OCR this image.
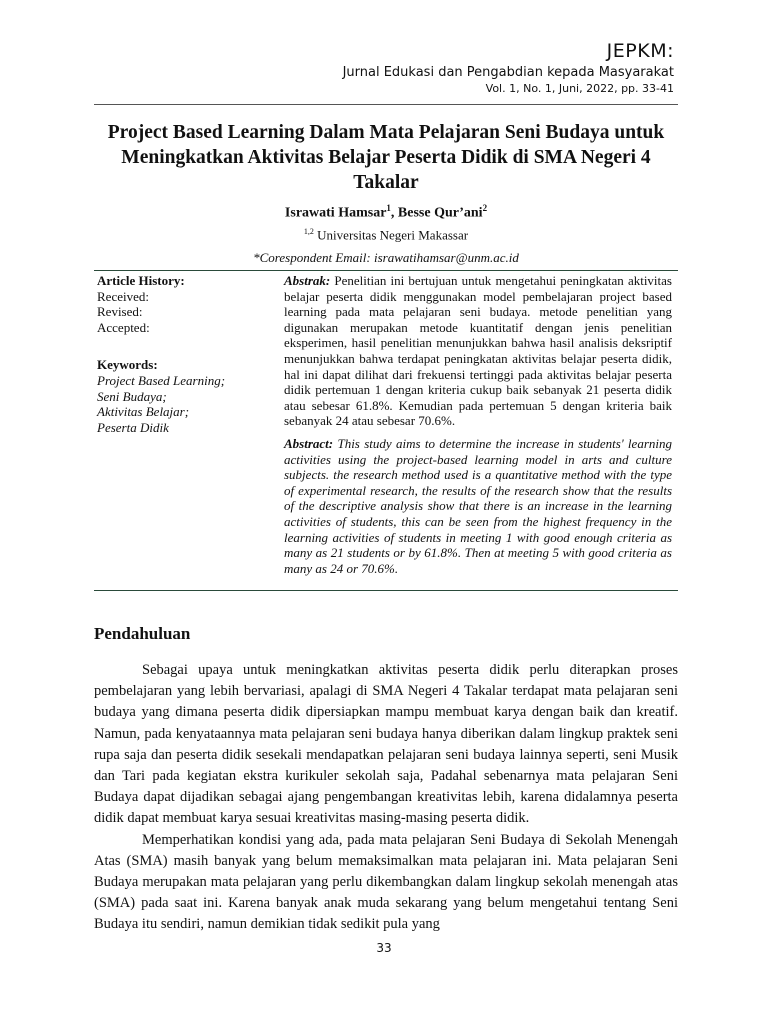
JEPKM:
Jurnal Edukasi dan Pengabdian kepada Masyarakat
Vol. 1, No. 1, Juni, 2022, pp. 33-41
Project Based Learning Dalam Mata Pelajaran Seni Budaya untuk Meningkatkan Aktivitas Belajar Peserta Didik di SMA Negeri 4 Takalar
Israwati Hamsar$^1$, Besse Qur’ani$^2$
$^{1,2}$ Universitas Negeri Makassar
*Corespondent Email: israwatihamsar@unm.ac.id
Article History:
Received:
Revised:
Accepted:
Keywords:
Project Based Learning;
Seni Budaya;
Aktivitas Belajar;
Peserta Didik
Abstrak: Penelitian ini bertujuan untuk mengetahui peningkatan aktivitas belajar peserta didik menggunakan model pembelajaran project based learning pada mata pelajaran seni budaya. metode penelitian yang digunakan merupakan metode kuantitatif dengan jenis penelitian eksperimen, hasil penelitian menunjukkan bahwa hasil analisis deksriptif menunjukkan bahwa terdapat peningkatan aktivitas belajar peserta didik, hal ini dapat dilihat dari frekuensi tertinggi pada aktivitas belajar peserta didik pertemuan 1 dengan kriteria cukup baik sebanyak 21 peserta didik atau sebesar 61.8%. Kemudian pada pertemuan 5 dengan kriteria baik sebanyak 24 atau sebesar 70.6%.
Abstract: This study aims to determine the increase in students' learning activities using the project-based learning model in arts and culture subjects. the research method used is a quantitative method with the type of experimental research, the results of the research show that the results of the descriptive analysis show that there is an increase in the learning activities of students, this can be seen from the highest frequency in the learning activities of students in meeting 1 with good enough criteria as many as 21 students or by 61.8%. Then at meeting 5 with good criteria as many as 24 or 70.6%.
Pendahuluan

Sebagai upaya untuk meningkatkan aktivitas peserta didik perlu diterapkan proses pembelajaran yang lebih bervariasi, apalagi di SMA Negeri 4 Takalar terdapat mata pelajaran seni budaya yang dimana peserta didik dipersiapkan mampu membuat karya dengan baik dan kreatif. Namun, pada kenyataannya mata pelajaran seni budaya hanya diberikan dalam lingkup praktek seni rupa saja dan peserta didik sesekali mendapatkan pelajaran seni budaya lainnya seperti, seni Musik dan Tari pada kegiatan ekstra kurikuler sekolah saja, Padahal sebenarnya mata pelajaran Seni Budaya dapat dijadikan sebagai ajang pengembangan kreativitas lebih, karena didalamnya peserta didik dapat membuat karya sesuai kreativitas masing-masing peserta didik.

Memperhatikan kondisi yang ada, pada mata pelajaran Seni Budaya di Sekolah Menengah Atas (SMA) masih banyak yang belum memaksimalkan mata pelajaran ini. Mata pelajaran Seni Budaya merupakan mata pelajaran yang perlu dikembangkan dalam lingkup sekolah menengah atas (SMA) pada saat ini. Karena banyak anak muda sekarang yang belum mengetahui tentang Seni Budaya itu sendiri, namun demikian tidak sedikit pula yang

33
